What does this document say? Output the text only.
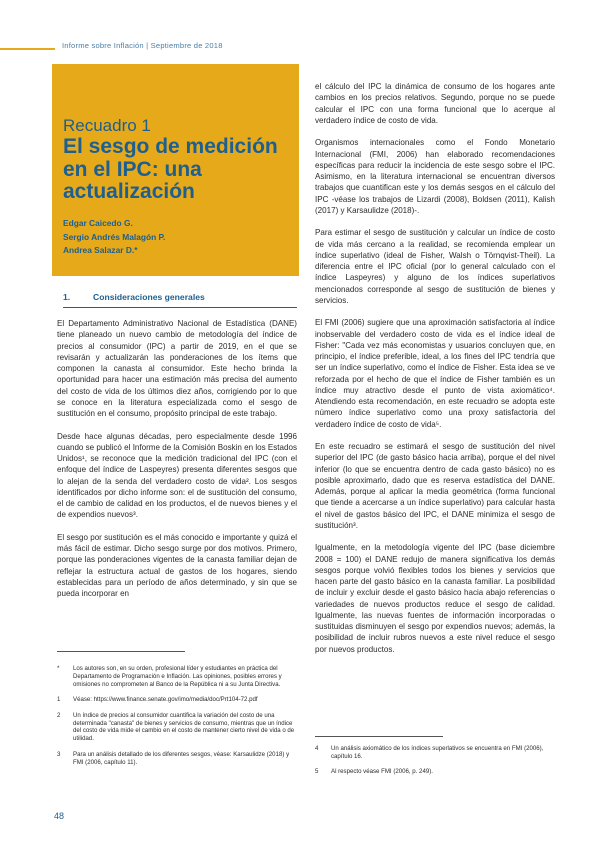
Informe sobre Inflación | Septiembre de 2018
Recuadro 1
El sesgo de medición en el IPC: una actualización
Edgar Caicedo G.
Sergio Andrés Malagón P.
Andrea Salazar D.*
1.	Consideraciones generales

El Departamento Administrativo Nacional de Estadística (DANE) tiene planeado un nuevo cambio de metodología del índice de precios al consumidor (IPC) a partir de 2019, en el que se revisarán y actualizarán las ponderaciones de los ítems que componen la canasta al consumidor. Este hecho brinda la oportunidad para hacer una estimación más precisa del aumento del costo de vida de los últimos diez años, corrigiendo por lo que se conoce en la literatura especializada como el sesgo de sustitución en el consumo, propósito principal de este trabajo.

Desde hace algunas décadas, pero especialmente desde 1996 cuando se publicó el Informe de la Comisión Boskin en los Estados Unidos¹, se reconoce que la medición tradicional del IPC (con el enfoque del índice de Laspeyres) presenta diferentes sesgos que lo alejan de la senda del verdadero costo de vida². Los sesgos identificados por dicho informe son: el de sustitución del consumo, el de cambio de calidad en los productos, el de nuevos bienes y el de expendios nuevos³.

El sesgo por sustitución es el más conocido e importante y quizá el más fácil de estimar. Dicho sesgo surge por dos motivos. Primero, porque las ponderaciones vigentes de la canasta familiar dejan de reflejar la estructura actual de gastos de los hogares, siendo establecidas para un período de años determinado, y sin que se pueda incorporar en

el cálculo del IPC la dinámica de consumo de los hogares ante cambios en los precios relativos. Segundo, porque no se puede calcular el IPC con una forma funcional que lo acerque al verdadero índice de costo de vida.

Organismos internacionales como el Fondo Monetario Internacional (FMI, 2006) han elaborado recomendaciones específicas para reducir la incidencia de este sesgo sobre el IPC. Asimismo, en la literatura internacional se encuentran diversos trabajos que cuantifican este y los demás sesgos en el cálculo del IPC -véase los trabajos de Lizardi (2008), Boldsen (2011), Kalish (2017) y Karsaulidze (2018)-.

Para estimar el sesgo de sustitución y calcular un índice de costo de vida más cercano a la realidad, se recomienda emplear un índice superlativo (ideal de Fisher, Walsh o Törnqvist-Theil). La diferencia entre el IPC oficial (por lo general calculado con el índice Laspeyres) y alguno de los índices superlativos mencionados corresponde al sesgo de sustitución de bienes y servicios.

El FMI (2006) sugiere que una aproximación satisfactoria al índice inobservable del verdadero costo de vida es el índice ideal de Fisher: "Cada vez más economistas y usuarios concluyen que, en principio, el índice preferible, ideal, a los fines del IPC tendría que ser un índice superlativo, como el índice de Fisher. Esta idea se ve reforzada por el hecho de que el índice de Fisher también es un índice muy atractivo desde el punto de vista axiomático⁴. Atendiendo esta recomendación, en este recuadro se adopta este número índice superlativo como una proxy satisfactoria del verdadero índice de costo de vida⁵.

En este recuadro se estimará el sesgo de sustitución del nivel superior del IPC (de gasto básico hacia arriba), porque el del nivel inferior (lo que se encuentra dentro de cada gasto básico) no es posible aproximarlo, dado que es reserva estadística del DANE. Además, porque al aplicar la media geométrica (forma funcional que tiende a acercarse a un índice superlativo) para calcular hasta el nivel de gastos básico del IPC, el DANE minimiza el sesgo de sustitución³.

Igualmente, en la metodología vigente del IPC (base diciembre 2008 = 100) el DANE redujo de manera significativa los demás sesgos porque volvió flexibles todos los bienes y servicios que hacen parte del gasto básico en la canasta familiar. La posibilidad de incluir y excluir desde el gasto básico hacia abajo referencias o variedades de nuevos productos reduce el sesgo de calidad. Igualmente, las nuevas fuentes de información incorporadas o sustituidas disminuyen el sesgo por expendios nuevos; además, la posibilidad de incluir rubros nuevos a este nivel reduce el sesgo por nuevos productos.

*	Los autores son, en su orden, profesional líder y estudiantes en práctica del Departamento de Programación e Inflación. Las opiniones, posibles errores y omisiones no comprometen al Banco de la República ni a su Junta Directiva.
1	Véase: https://www.finance.senate.gov/imo/media/doc/Prt104-72.pdf
2	Un índice de precios al consumidor cuantifica la variación del costo de una determinada "canasta" de bienes y servicios de consumo, mientras que un índice del costo de vida mide el cambio en el costo de mantener cierto nivel de vida o de utilidad.
3	Para un análisis detallado de los diferentes sesgos, véase: Karsaulidze (2018) y FMI (2006, capítulo 11).
4	Un análisis axiomático de los índices superlativos se encuentra en FMI (2006), capítulo 16.
5	Al respecto véase FMI (2006, p. 249).
48
